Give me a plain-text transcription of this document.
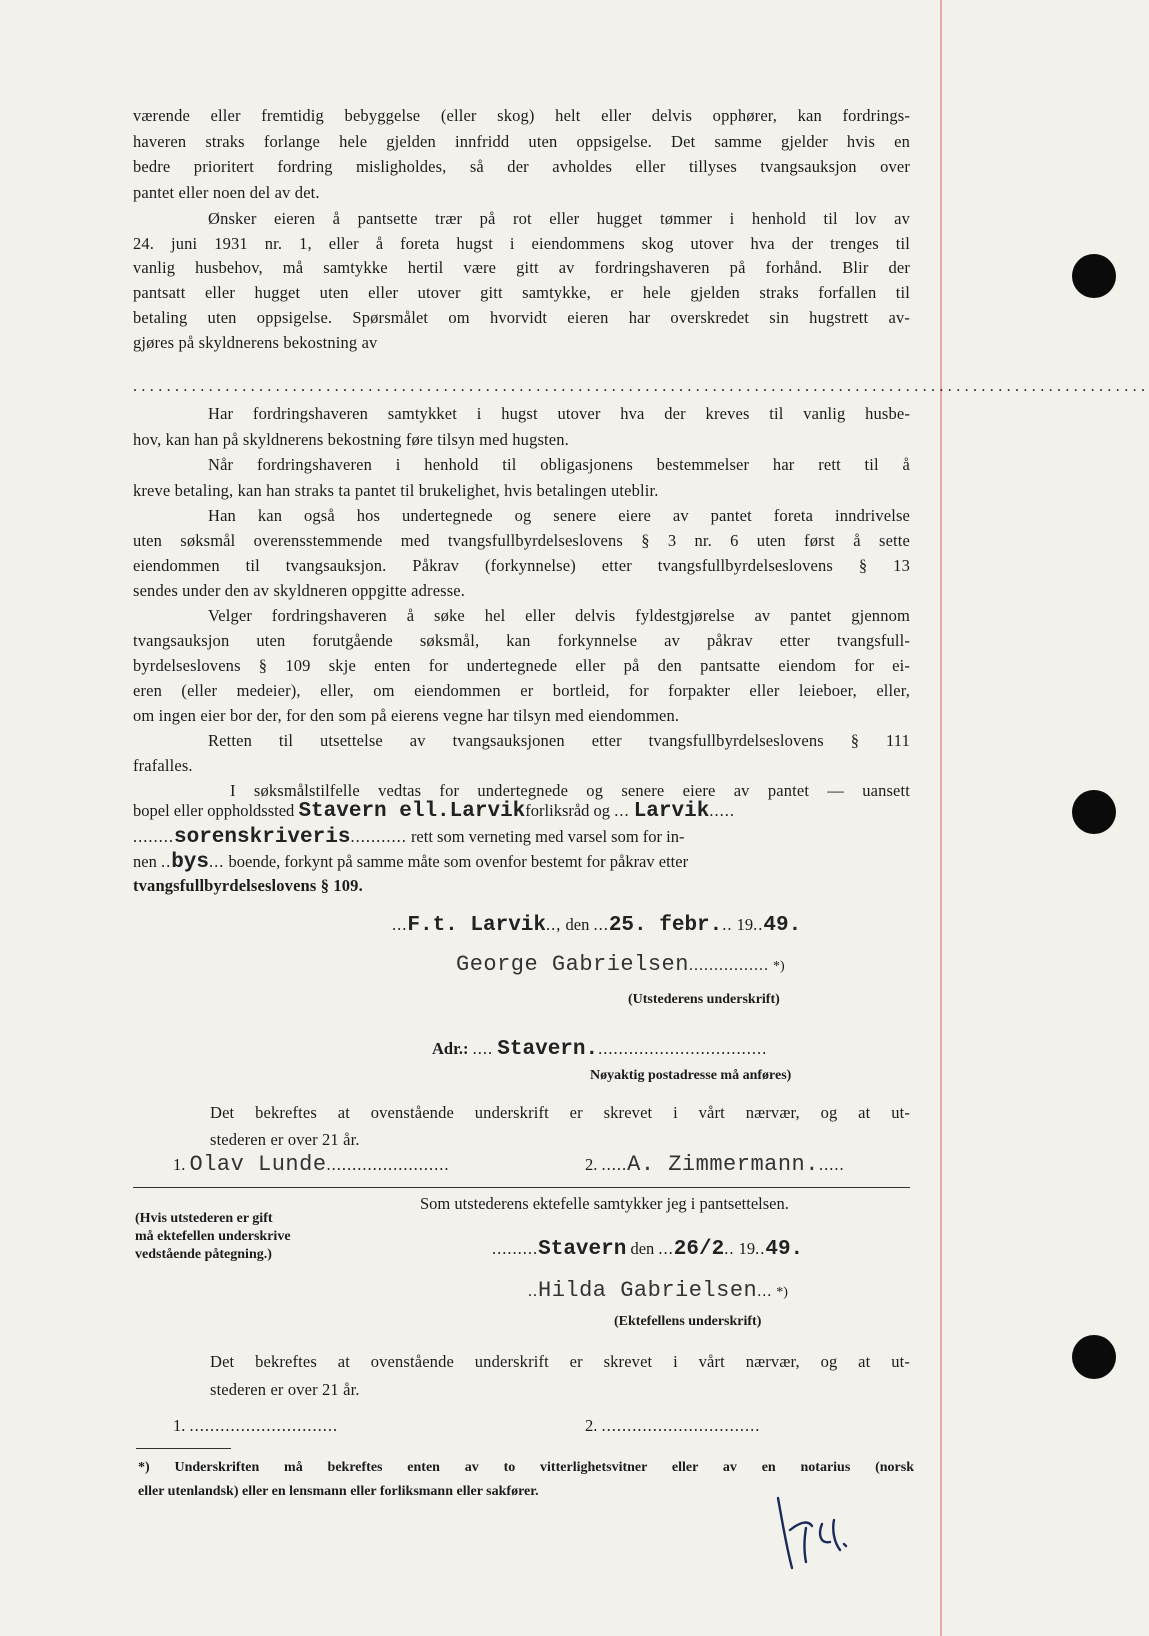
værende eller fremtidig bebyggelse (eller skog) helt eller delvis opphører, kan fordrings-
haveren straks forlange hele gjelden innfridd uten oppsigelse. Det samme gjelder hvis en
bedre prioritert fordring misligholdes, så der avholdes eller tillyses tvangsauksjon over
pantet eller noen del av det.
Ønsker eieren å pantsette trær på rot eller hugget tømmer i henhold til lov av
24. juni 1931 nr. 1, eller å foreta hugst i eiendommens skog utover hva der trenges til
vanlig husbehov, må samtykke hertil være gitt av fordringshaveren på forhånd. Blir der
pantsatt eller hugget uten eller utover gitt samtykke, er hele gjelden straks forfallen til
betaling uten oppsigelse. Spørsmålet om hvorvidt eieren har overskredet sin hugstrett av-
gjøres på skyldnerens bekostning av
.........................................................................................................................
Har fordringshaveren samtykket i hugst utover hva der kreves til vanlig husbe-
hov, kan han på skyldnerens bekostning føre tilsyn med hugsten.
Når fordringshaveren i henhold til obligasjonens bestemmelser har rett til å
kreve betaling, kan han straks ta pantet til brukelighet, hvis betalingen uteblir.
Han kan også hos undertegnede og senere eiere av pantet foreta inndrivelse
uten søksmål overensstemmende med tvangsfullbyrdelseslovens § 3 nr. 6 uten først å sette
eiendommen til tvangsauksjon. Påkrav (forkynnelse) etter tvangsfullbyrdelseslovens § 13
sendes under den av skyldneren oppgitte adresse.
Velger fordringshaveren å søke hel eller delvis fyldestgjørelse av pantet gjennom
tvangsauksjon uten forutgående søksmål, kan forkynnelse av påkrav etter tvangsfull-
byrdelseslovens § 109 skje enten for undertegnede eller på den pantsatte eiendom for ei-
eren (eller medeier), eller, om eiendommen er bortleid, for forpakter eller leieboer, eller,
om ingen eier bor der, for den som på eierens vegne har tilsyn med eiendommen.
Retten til utsettelse av tvangsauksjonen etter tvangsfullbyrdelseslovens § 111
frafalles.
I søksmålstilfelle vedtas for undertegnede og senere eiere av pantet — uansett
bopel eller oppholdssted Stavern ell.Larvikforliksråd og ... Larvik.....
........sorenskriveris........... rett som verneting med varsel som for in-
nen ..bys... boende, forkynt på samme måte som ovenfor bestemt for påkrav etter
tvangsfullbyrdelseslovens § 109.
...F.t. Larvik.., den ...25. febr... 19..49.
George Gabrielsen................ *)
(Utstederens underskrift)
Adr.: .... Stavern..................................
Nøyaktig postadresse må anføres)
Det bekreftes at ovenstående underskrift er skrevet i vårt nærvær, og at ut-
stederen er over 21 år.
1. Olav Lunde........................	2. .....A. Zimmermann......
(Hvis utstederen er gift
må ektefellen underskrive
vedstående påtegning.)
Som utstederens ektefelle samtykker jeg i pantsettelsen.
.........Stavern den ...26/2.. 19..49.
..Hilda Gabrielsen... *)
(Ektefellens underskrift)
Det bekreftes at ovenstående underskrift er skrevet i vårt nærvær, og at ut-
stederen er over 21 år.
1. .............................	2. ...............................
*) Underskriften må bekreftes enten av to vitterlighetsvitner eller av en notarius (norsk
eller utenlandsk) eller en lensmann eller forliksmann eller sakfører.
